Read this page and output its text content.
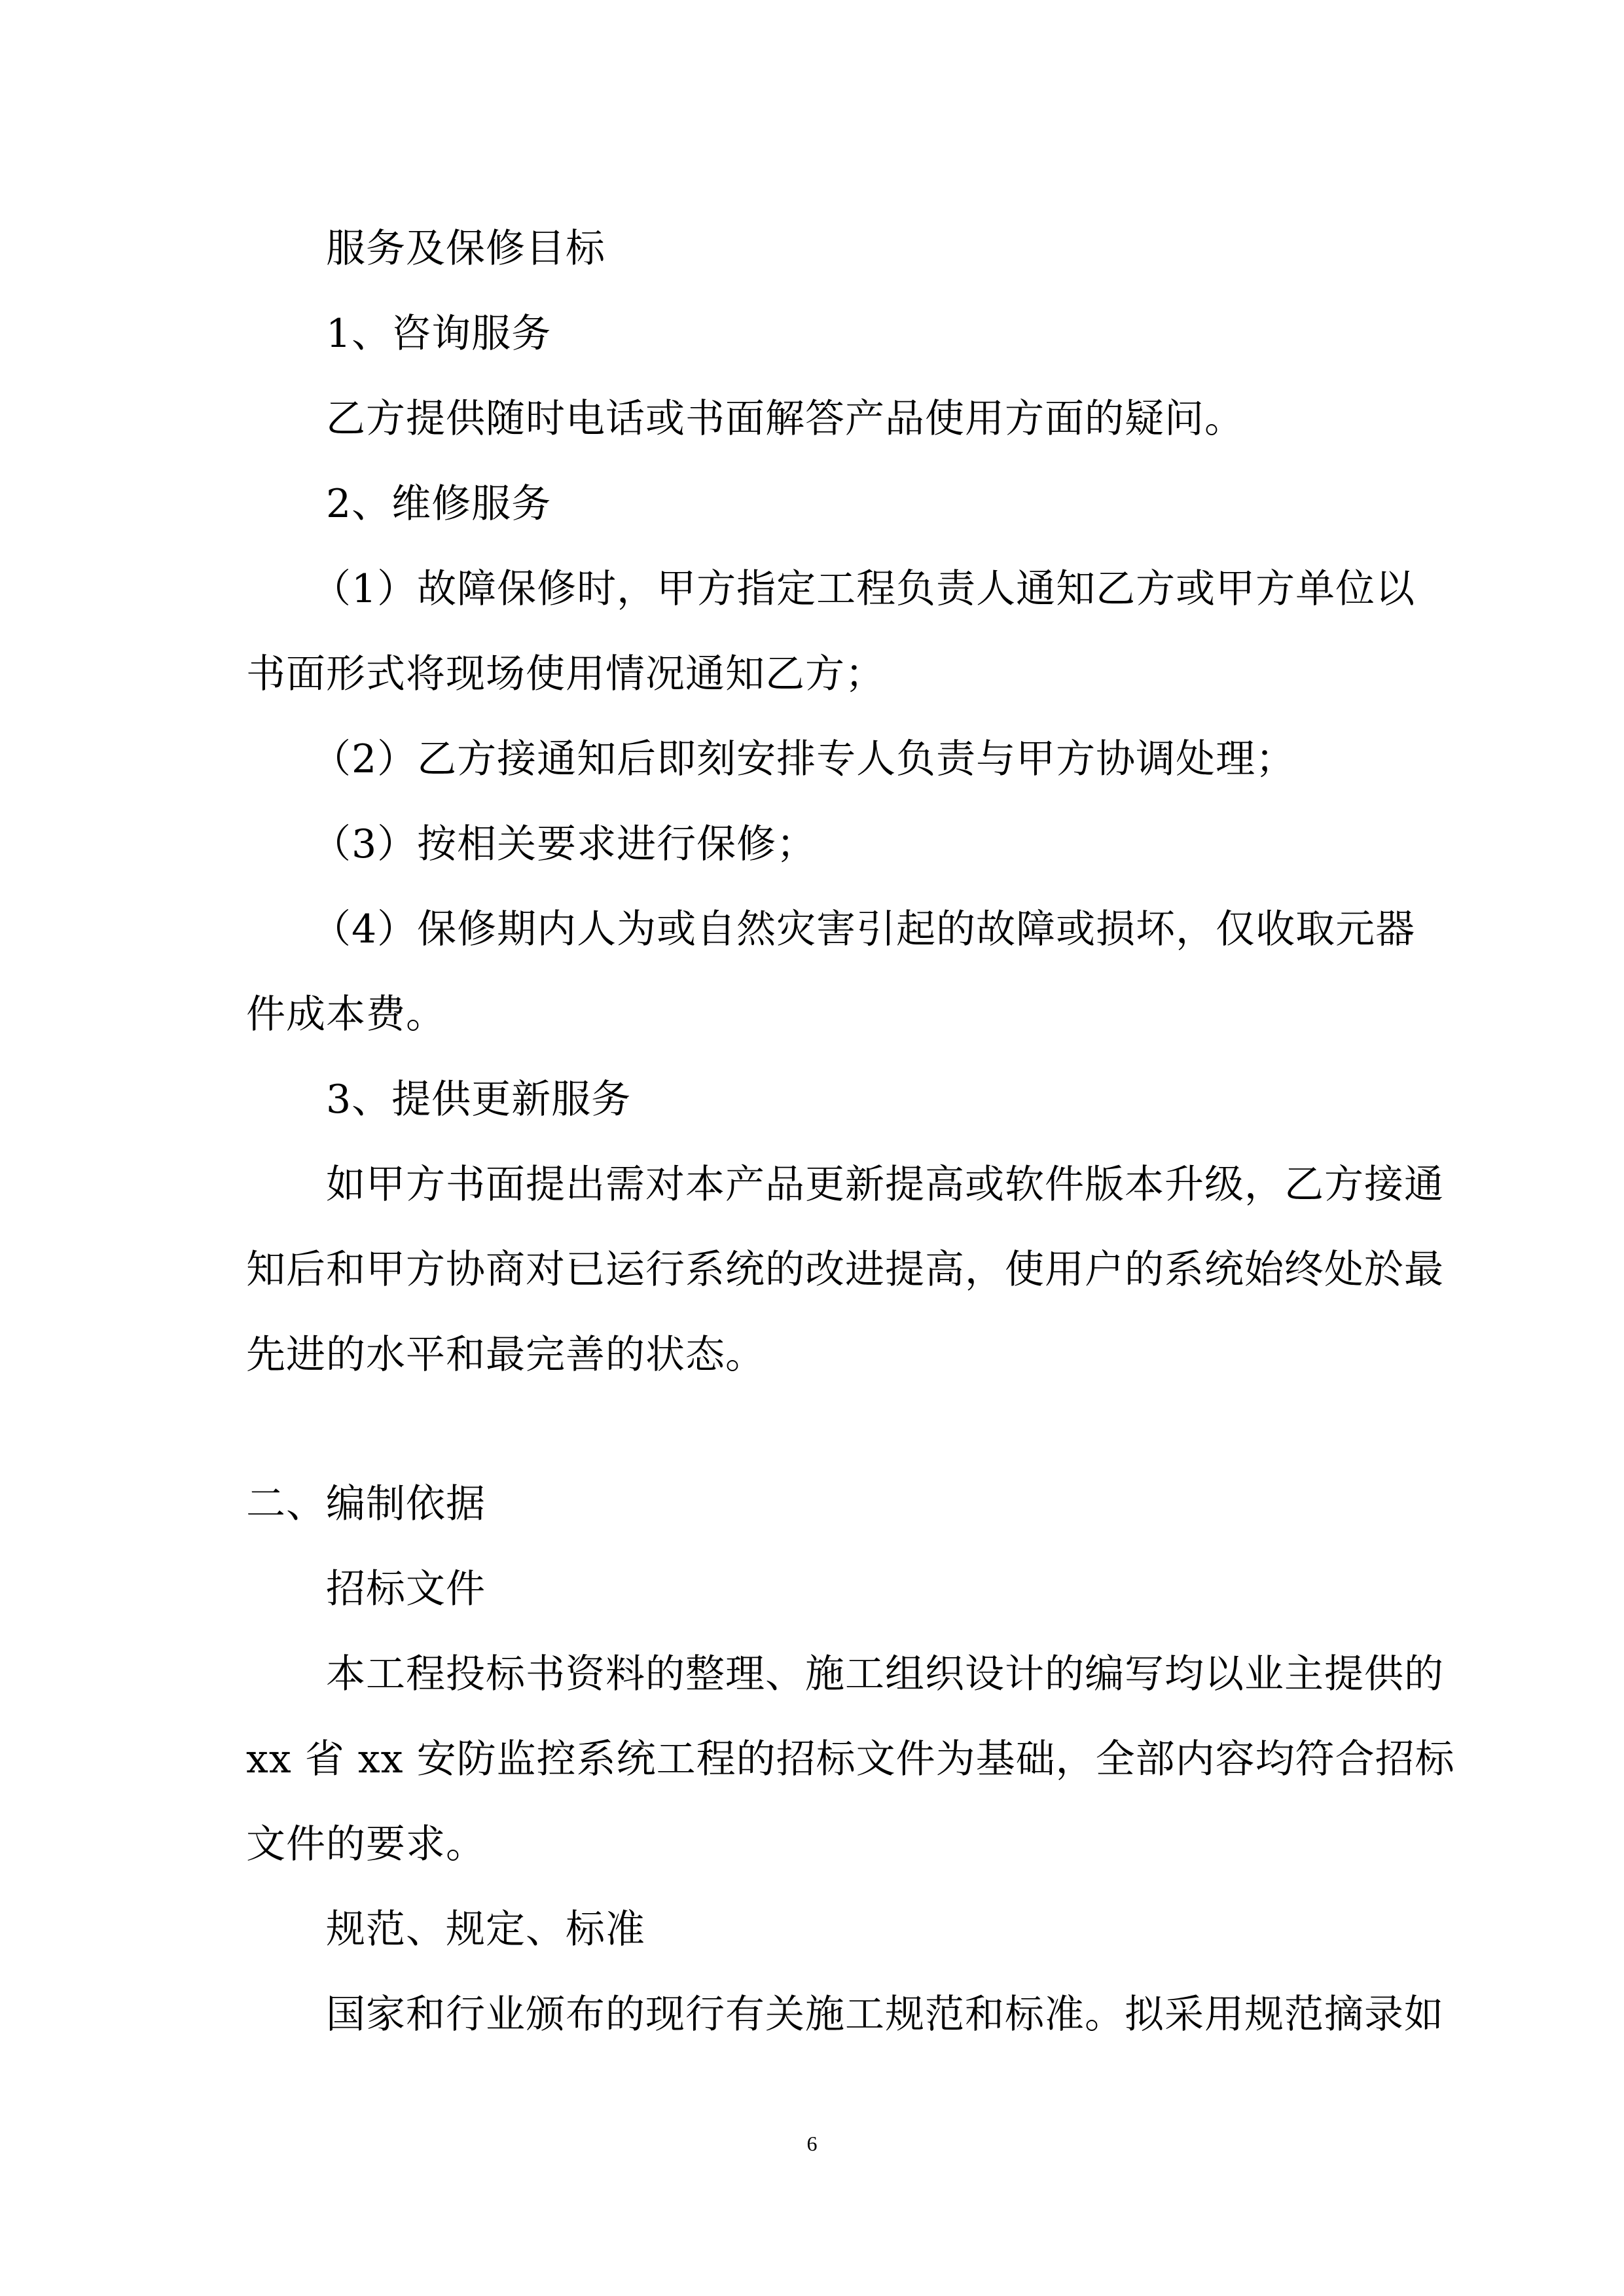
服务及保修目标
1、咨询服务
乙方提供随时电话或书面解答产品使用方面的疑问。
2、维修服务
（1）故障保修时，甲方指定工程负责人通知乙方或甲方单位以
书面形式将现场使用情况通知乙方；
（2）乙方接通知后即刻安排专人负责与甲方协调处理；
（3）按相关要求进行保修；
（4）保修期内人为或自然灾害引起的故障或损坏，仅收取元器
件成本费。
3、提供更新服务
如甲方书面提出需对本产品更新提高或软件版本升级，乙方接通
知后和甲方协商对已运行系统的改进提高，使用户的系统始终处於最
先进的水平和最完善的状态。
二、编制依据
招标文件
本工程投标书资料的整理、施工组织设计的编写均以业主提供的
xx 省 xx 安防监控系统工程的招标文件为基础，全部内容均符合招标
文件的要求。
规范、规定、标准
国家和行业颁布的现行有关施工规范和标准。拟采用规范摘录如
6
